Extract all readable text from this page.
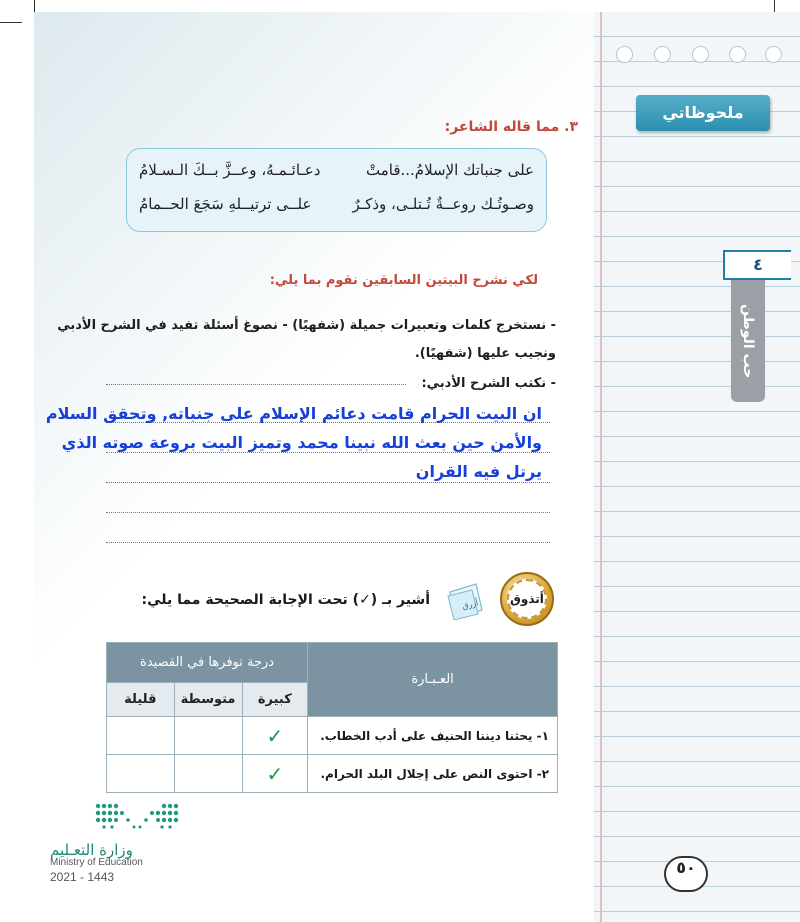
ملحوظاتي
٤
حب الوطن
٣. مما قاله الشاعر:
على جنباتك الإسلامُ...قامتْ
دعـائـمـهُ، وعــزَّ بــكَ الـسـلامُ
وصـوتُـك روعــةٌ تُـتلـى، وذكـرٌ
علــى ترتيــلهِ سَجَعَ الحــمامُ
لكي نشرح البيتين السابقين نقوم بما يلي:
- نستخرج كلمات وتعبيرات جميلة (شفهيًا) - نصوغ أسئلة تفيد في الشرح الأدبي
ونجيب عليها (شفهيًا).
- نكتب الشرح الأدبي:
ان البيت الحرام قامت دعائم الإسلام على جنباته, وتحقق السلام
والأمن حين بعث الله نبينا محمد وتميز البيت بروعة صوته الذي
يرتل فيه القران
أتذوق
أزرق
أشير بـ (✓) تحت الإجابة الصحيحة مما يلي:
العـبـارة	درجة توفرها في القصيدة		
	كبيرة	متوسطة	قليلة
١- يحثنا ديننا الحنيف على أدب الخطاب.	✓		
٢- احتوى النص على إجلال البلد الحرام.	✓		
وزارة التعـليم
Ministry of Education
2021 - 1443	٥٠
